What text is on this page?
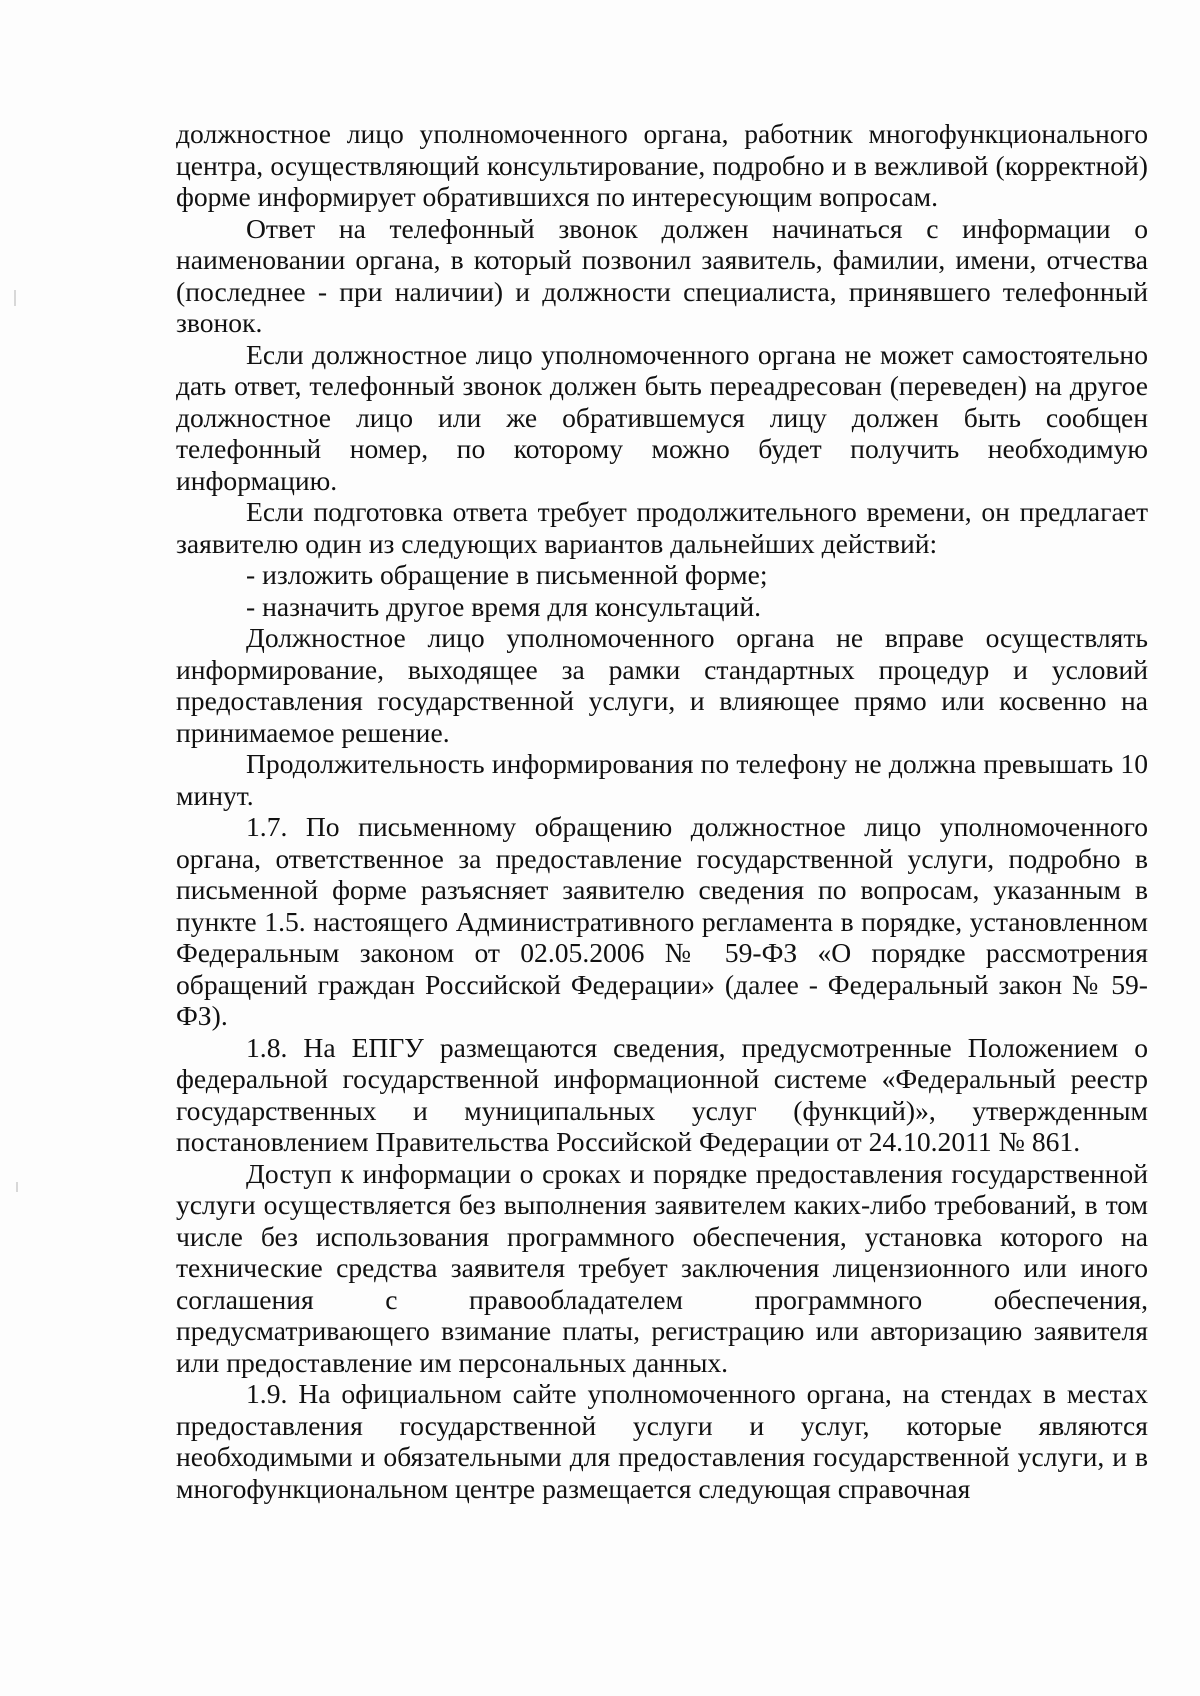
должностное лицо уполномоченного органа, работник многофункционального центра, осуществляющий консультирование, подробно и в вежливой (корректной) форме информирует обратившихся по интересующим вопросам.

Ответ на телефонный звонок должен начинаться с информации о наименовании органа, в который позвонил заявитель, фамилии, имени, отчества (последнее - при наличии) и должности специалиста, принявшего телефонный звонок.

Если должностное лицо уполномоченного органа не может самостоятельно дать ответ, телефонный звонок должен быть переадресован (переведен) на другое должностное лицо или же обратившемуся лицу должен быть сообщен телефонный номер, по которому можно будет получить необходимую информацию.

Если подготовка ответа требует продолжительного времени, он предлагает заявителю один из следующих вариантов дальнейших действий:

- изложить обращение в письменной форме;

- назначить другое время для консультаций.

Должностное лицо уполномоченного органа не вправе осуществлять информирование, выходящее за рамки стандартных процедур и условий предоставления государственной услуги, и влияющее прямо или косвенно на принимаемое решение.

Продолжительность информирования по телефону не должна превышать 10 минут.

1.7. По письменному обращению должностное лицо уполномоченного органа, ответственное за предоставление государственной услуги, подробно в письменной форме разъясняет заявителю сведения по вопросам, указанным в пункте 1.5. настоящего Административного регламента в порядке, установленном Федеральным законом от 02.05.2006 № 59-ФЗ «О порядке рассмотрения обращений граждан Российской Федерации» (далее - Федеральный закон № 59-ФЗ).

1.8. На ЕПГУ размещаются сведения, предусмотренные Положением о федеральной государственной информационной системе «Федеральный реестр государственных и муниципальных услуг (функций)», утвержденным постановлением Правительства Российской Федерации от 24.10.2011 № 861.

Доступ к информации о сроках и порядке предоставления государственной услуги осуществляется без выполнения заявителем каких-либо требований, в том числе без использования программного обеспечения, установка которого на технические средства заявителя требует заключения лицензионного или иного соглашения с правообладателем программного обеспечения, предусматривающего взимание платы, регистрацию или авторизацию заявителя или предоставление им персональных данных.

1.9. На официальном сайте уполномоченного органа, на стендах в местах предоставления государственной услуги и услуг, которые являются необходимыми и обязательными для предоставления государственной услуги, и в многофункциональном центре размещается следующая справочная
